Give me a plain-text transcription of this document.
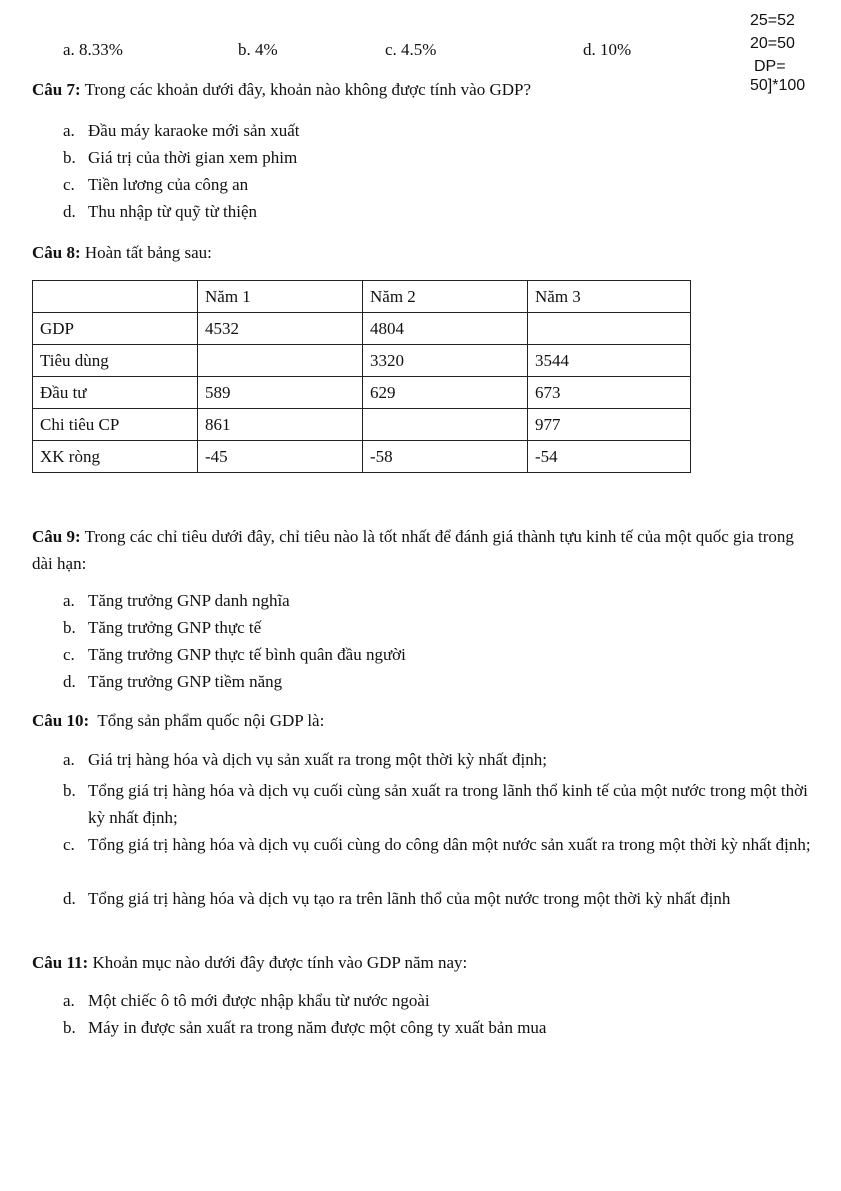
25=52
20=50
DP=
50]*100
a. 8.33%	b. 4%	c. 4.5%	d. 10%
Câu 7: Trong các khoản dưới đây, khoản nào không được tính vào GDP?
a. Đầu máy karaoke mới sản xuất
b. Giá trị của thời gian xem phim
c. Tiền lương của công an
d. Thu nhập từ quỹ từ thiện
Câu 8: Hoàn tất bảng sau:
	Năm 1	Năm 2	Năm 3
GDP	4532	4804	
Tiêu dùng		3320	3544
Đầu tư	589	629	673
Chi tiêu CP	861		977
XK ròng	-45	-58	-54
Câu 9: Trong các chỉ tiêu dưới đây, chỉ tiêu nào là tốt nhất để đánh giá thành tựu kinh tế của một quốc gia trong dài hạn:
a. Tăng trưởng GNP danh nghĩa
b. Tăng trưởng GNP thực tế
c. Tăng trưởng GNP thực tế bình quân đầu người
d. Tăng trưởng GNP tiềm năng
Câu 10: Tổng sản phẩm quốc nội GDP là:
a. Giá trị hàng hóa và dịch vụ sản xuất ra trong một thời kỳ nhất định;
b. Tổng giá trị hàng hóa và dịch vụ cuối cùng sản xuất ra trong lãnh thổ kinh tế của một nước trong một thời kỳ nhất định;
c. Tổng giá trị hàng hóa và dịch vụ cuối cùng do công dân một nước sản xuất ra trong một thời kỳ nhất định;
d. Tổng giá trị hàng hóa và dịch vụ tạo ra trên lãnh thổ của một nước trong một thời kỳ nhất định
Câu 11: Khoản mục nào dưới đây được tính vào GDP năm nay:
a. Một chiếc ô tô mới được nhập khẩu từ nước ngoài
b. Máy in được sản xuất ra trong năm được một công ty xuất bản mua
